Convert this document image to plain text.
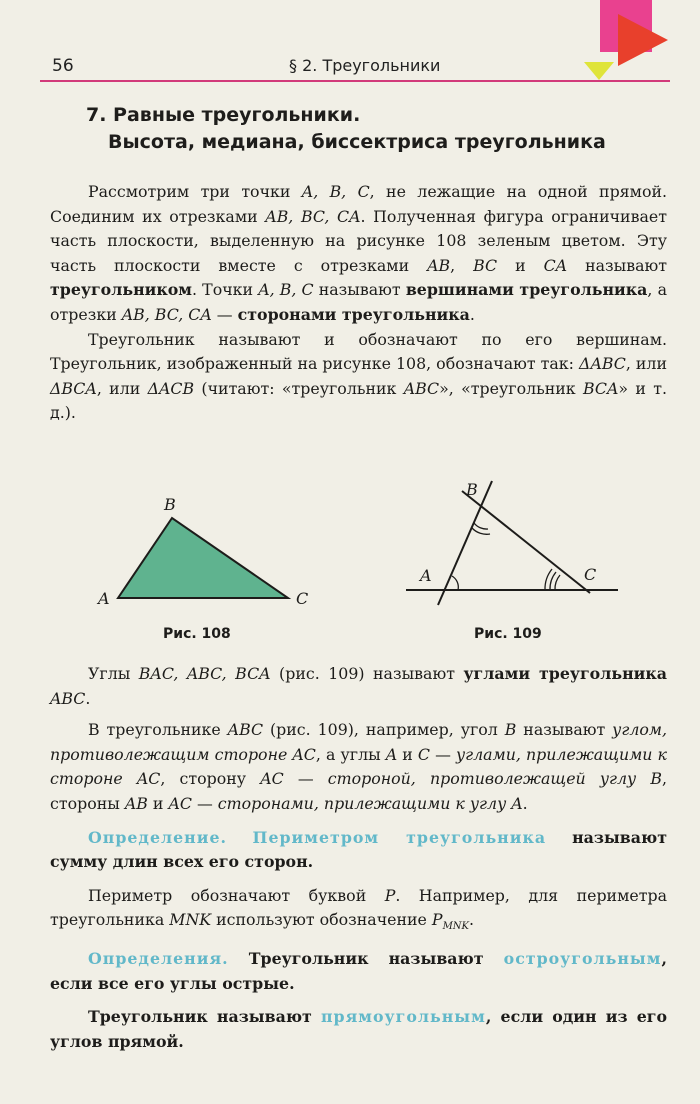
56	§ 2. Треугольники
7. Равные треугольники.
Высота, медиана, биссектриса треугольника

Рассмотрим три точки A, B, C, не лежащие на одной прямой. Соединим их отрезками AB, BC, CA. Полученная фигура ограничивает часть плоскости, выделенную на рисунке 108 зеленым цветом. Эту часть плоскости вместе с отрезками AB, BC и CA называют треугольником. Точки A, B, C называют вершинами треугольника, а отрезки AB, BC, CA — сторонами треугольника.

Треугольник называют и обозначают по его вершинам. Треугольник, изображенный на рисунке 108, обозначают так: ΔABC, или ΔBCA, или ΔACB (читают: «треугольник ABC», «треугольник BCA» и т. д.).

B
A	C
Рис. 108
B
A	C
Рис. 109

Углы BAC, ABC, BCA (рис. 109) называют углами треугольника ABC.

В треугольнике ABC (рис. 109), например, угол B называют углом, противолежащим стороне AC, а углы A и C — углами, прилежащими к стороне AC, сторону AC — стороной, противолежащей углу B, стороны AB и AC — сторонами, прилежащими к углу A.

Определение. Периметром треугольника называют сумму длин всех его сторон.

Периметр обозначают буквой P. Например, для периметра треугольника MNK используют обозначение $P_{MNK}$.

Определения. Треугольник называют остроугольным, если все его углы острые.

Треугольник называют прямоугольным, если один из его углов прямой.
